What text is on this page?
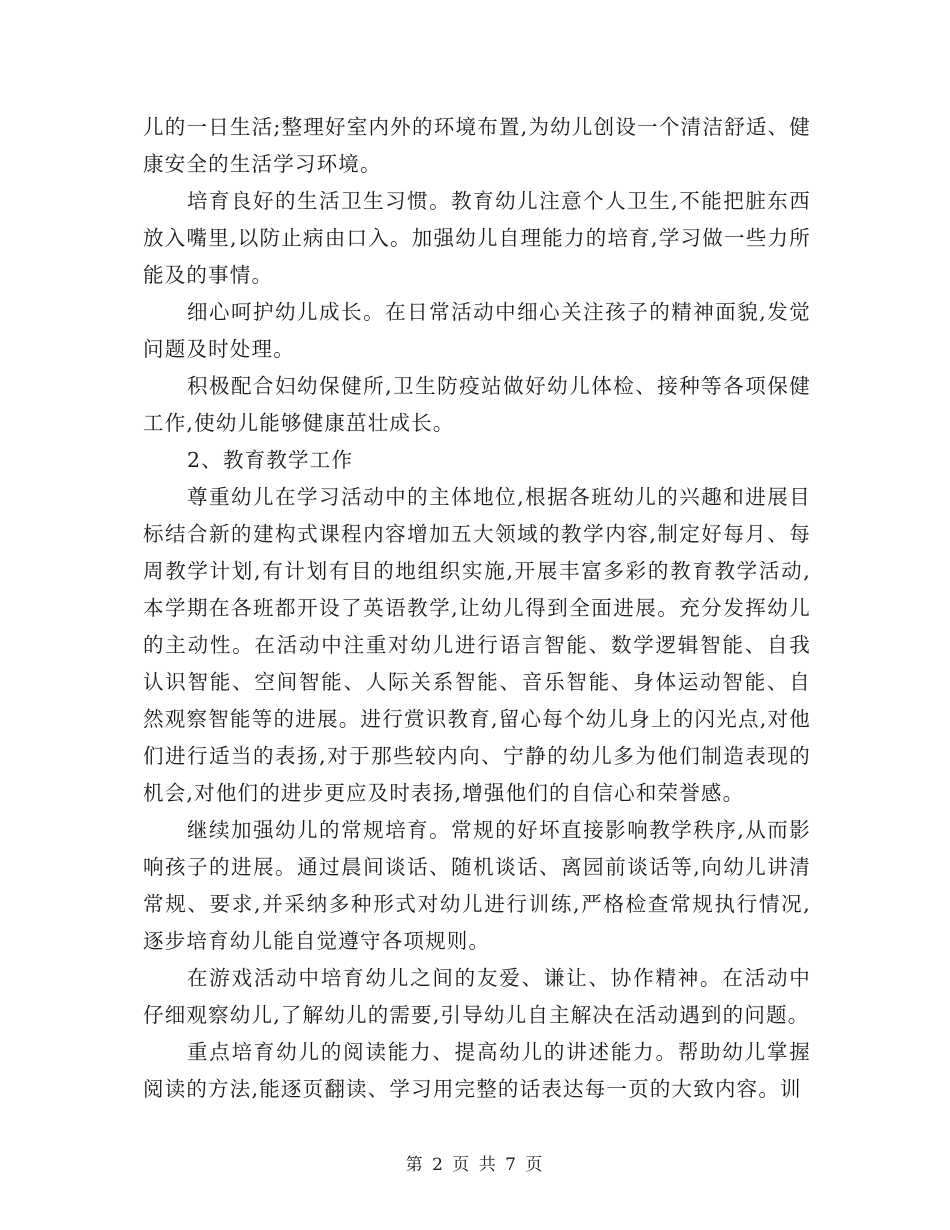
儿的一日生活;整理好室内外的环境布置,为幼儿创设一个清洁舒适、健康安全的生活学习环境。

培育良好的生活卫生习惯。教育幼儿注意个人卫生,不能把脏东西放入嘴里,以防止病由口入。加强幼儿自理能力的培育,学习做一些力所能及的事情。

细心呵护幼儿成长。在日常活动中细心关注孩子的精神面貌,发觉问题及时处理。

积极配合妇幼保健所,卫生防疫站做好幼儿体检、接种等各项保健工作,使幼儿能够健康茁壮成长。

2、教育教学工作

尊重幼儿在学习活动中的主体地位,根据各班幼儿的兴趣和进展目标结合新的建构式课程内容增加五大领域的教学内容,制定好每月、每周教学计划,有计划有目的地组织实施,开展丰富多彩的教育教学活动,本学期在各班都开设了英语教学,让幼儿得到全面进展。充分发挥幼儿的主动性。在活动中注重对幼儿进行语言智能、数学逻辑智能、自我认识智能、空间智能、人际关系智能、音乐智能、身体运动智能、自然观察智能等的进展。进行赏识教育,留心每个幼儿身上的闪光点,对他们进行适当的表扬,对于那些较内向、宁静的幼儿多为他们制造表现的机会,对他们的进步更应及时表扬,增强他们的自信心和荣誉感。

继续加强幼儿的常规培育。常规的好坏直接影响教学秩序,从而影响孩子的进展。通过晨间谈话、随机谈话、离园前谈话等,向幼儿讲清常规、要求,并采纳多种形式对幼儿进行训练,严格检查常规执行情况,逐步培育幼儿能自觉遵守各项规则。

在游戏活动中培育幼儿之间的友爱、谦让、协作精神。在活动中仔细观察幼儿,了解幼儿的需要,引导幼儿自主解决在活动遇到的问题。

重点培育幼儿的阅读能力、提高幼儿的讲述能力。帮助幼儿掌握阅读的方法,能逐页翻读、学习用完整的话表达每一页的大致内容。训

第 2 页 共 7 页
